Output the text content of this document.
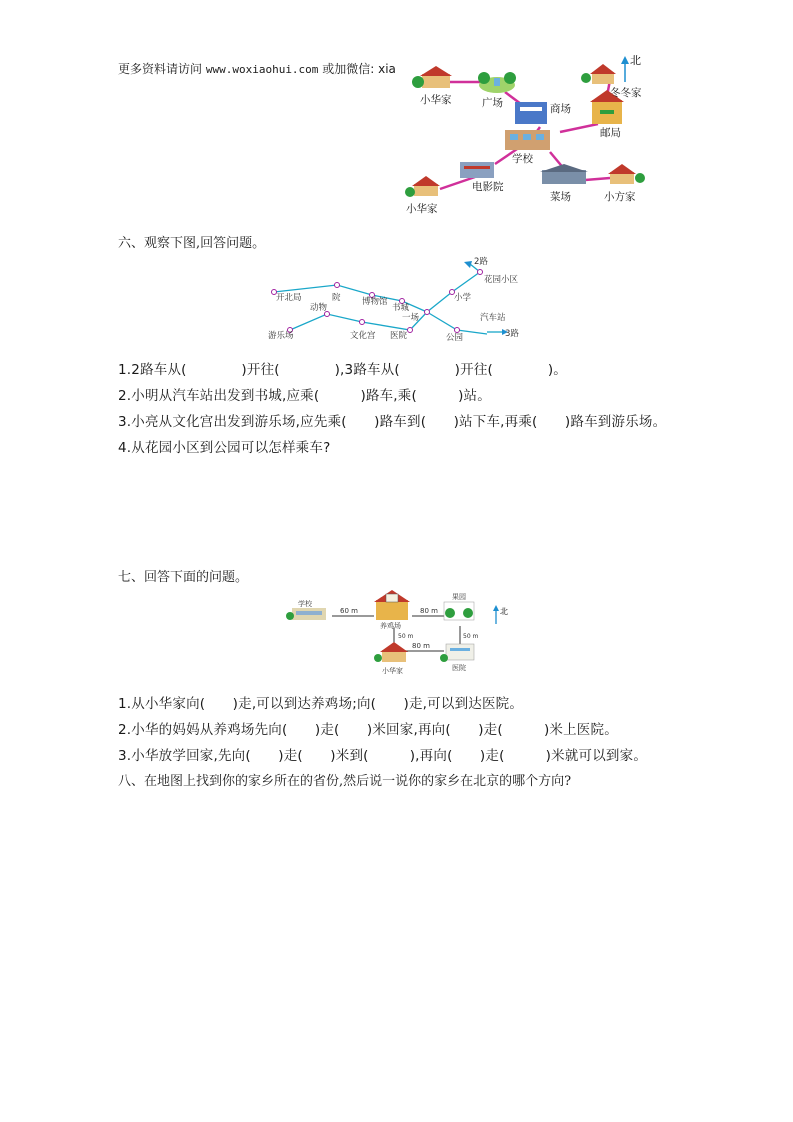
更多资料请访问 www.woxiaohui.com 或加微信: xia
北
小华家	广场	商场
冬冬家
邮局
学校
电影院
菜场	小方家
小华家
六、观察下图,回答问题。
2路
花园小区
开北局	院
动物
博物馆
书城
一场
游乐场	文化宫 医院
小学
汽车站
3路
公园
1.2路车从(　　　　)开往(　　　　),3路车从(　　　　)开往(　　　　)。
2.小明从汽车站出发到书城,应乘(　　　)路车,乘(　　　)站。
3.小亮从文化宫出发到游乐场,应先乘(　　)路车到(　　)站下车,再乘(　　)路车到游乐场。
4.从花园小区到公园可以怎样乘车?
七、回答下面的问题。
北
学校
养鸡场
果园
小华家	医院
60 m	80 m
80 m
50 m	50 m
1.从小华家向(　　)走,可以到达养鸡场;向(　　)走,可以到达医院。
2.小华的妈妈从养鸡场先向(　　)走(　　)米回家,再向(　　)走(　　　)米上医院。
3.小华放学回家,先向(　　)走(　　)米到(　　　),再向(　　)走(　　　)米就可以到家。
八、在地图上找到你的家乡所在的省份,然后说一说你的家乡在北京的哪个方向?
